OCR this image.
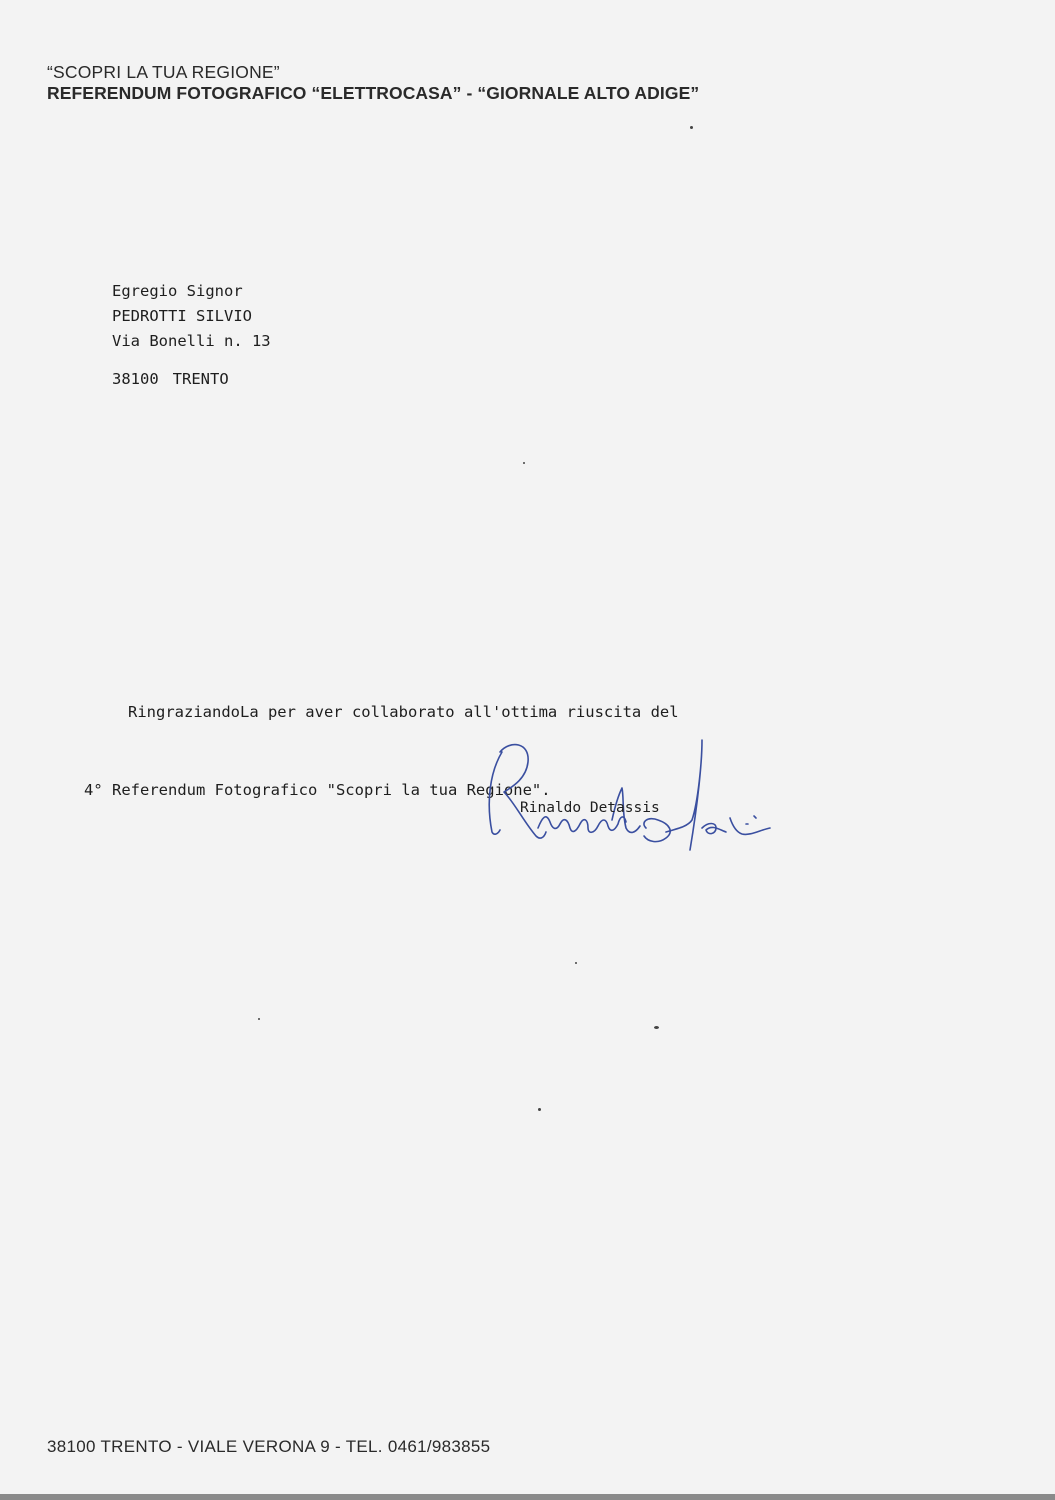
“SCOPRI LA TUA REGIONE”
REFERENDUM FOTOGRAFICO “ELETTROCASA” - “GIORNALE ALTO ADIGE”
Egregio Signor
PEDROTTI SILVIO
Via Bonelli n. 13
38100 TRENTO

RingraziandoLa per aver collaborato all'ottima riuscita del

4° Referendum Fotografico "Scopri la tua Regione".

Rinaldo Detassis
38100 TRENTO - VIALE VERONA 9 - TEL. 0461/983855
